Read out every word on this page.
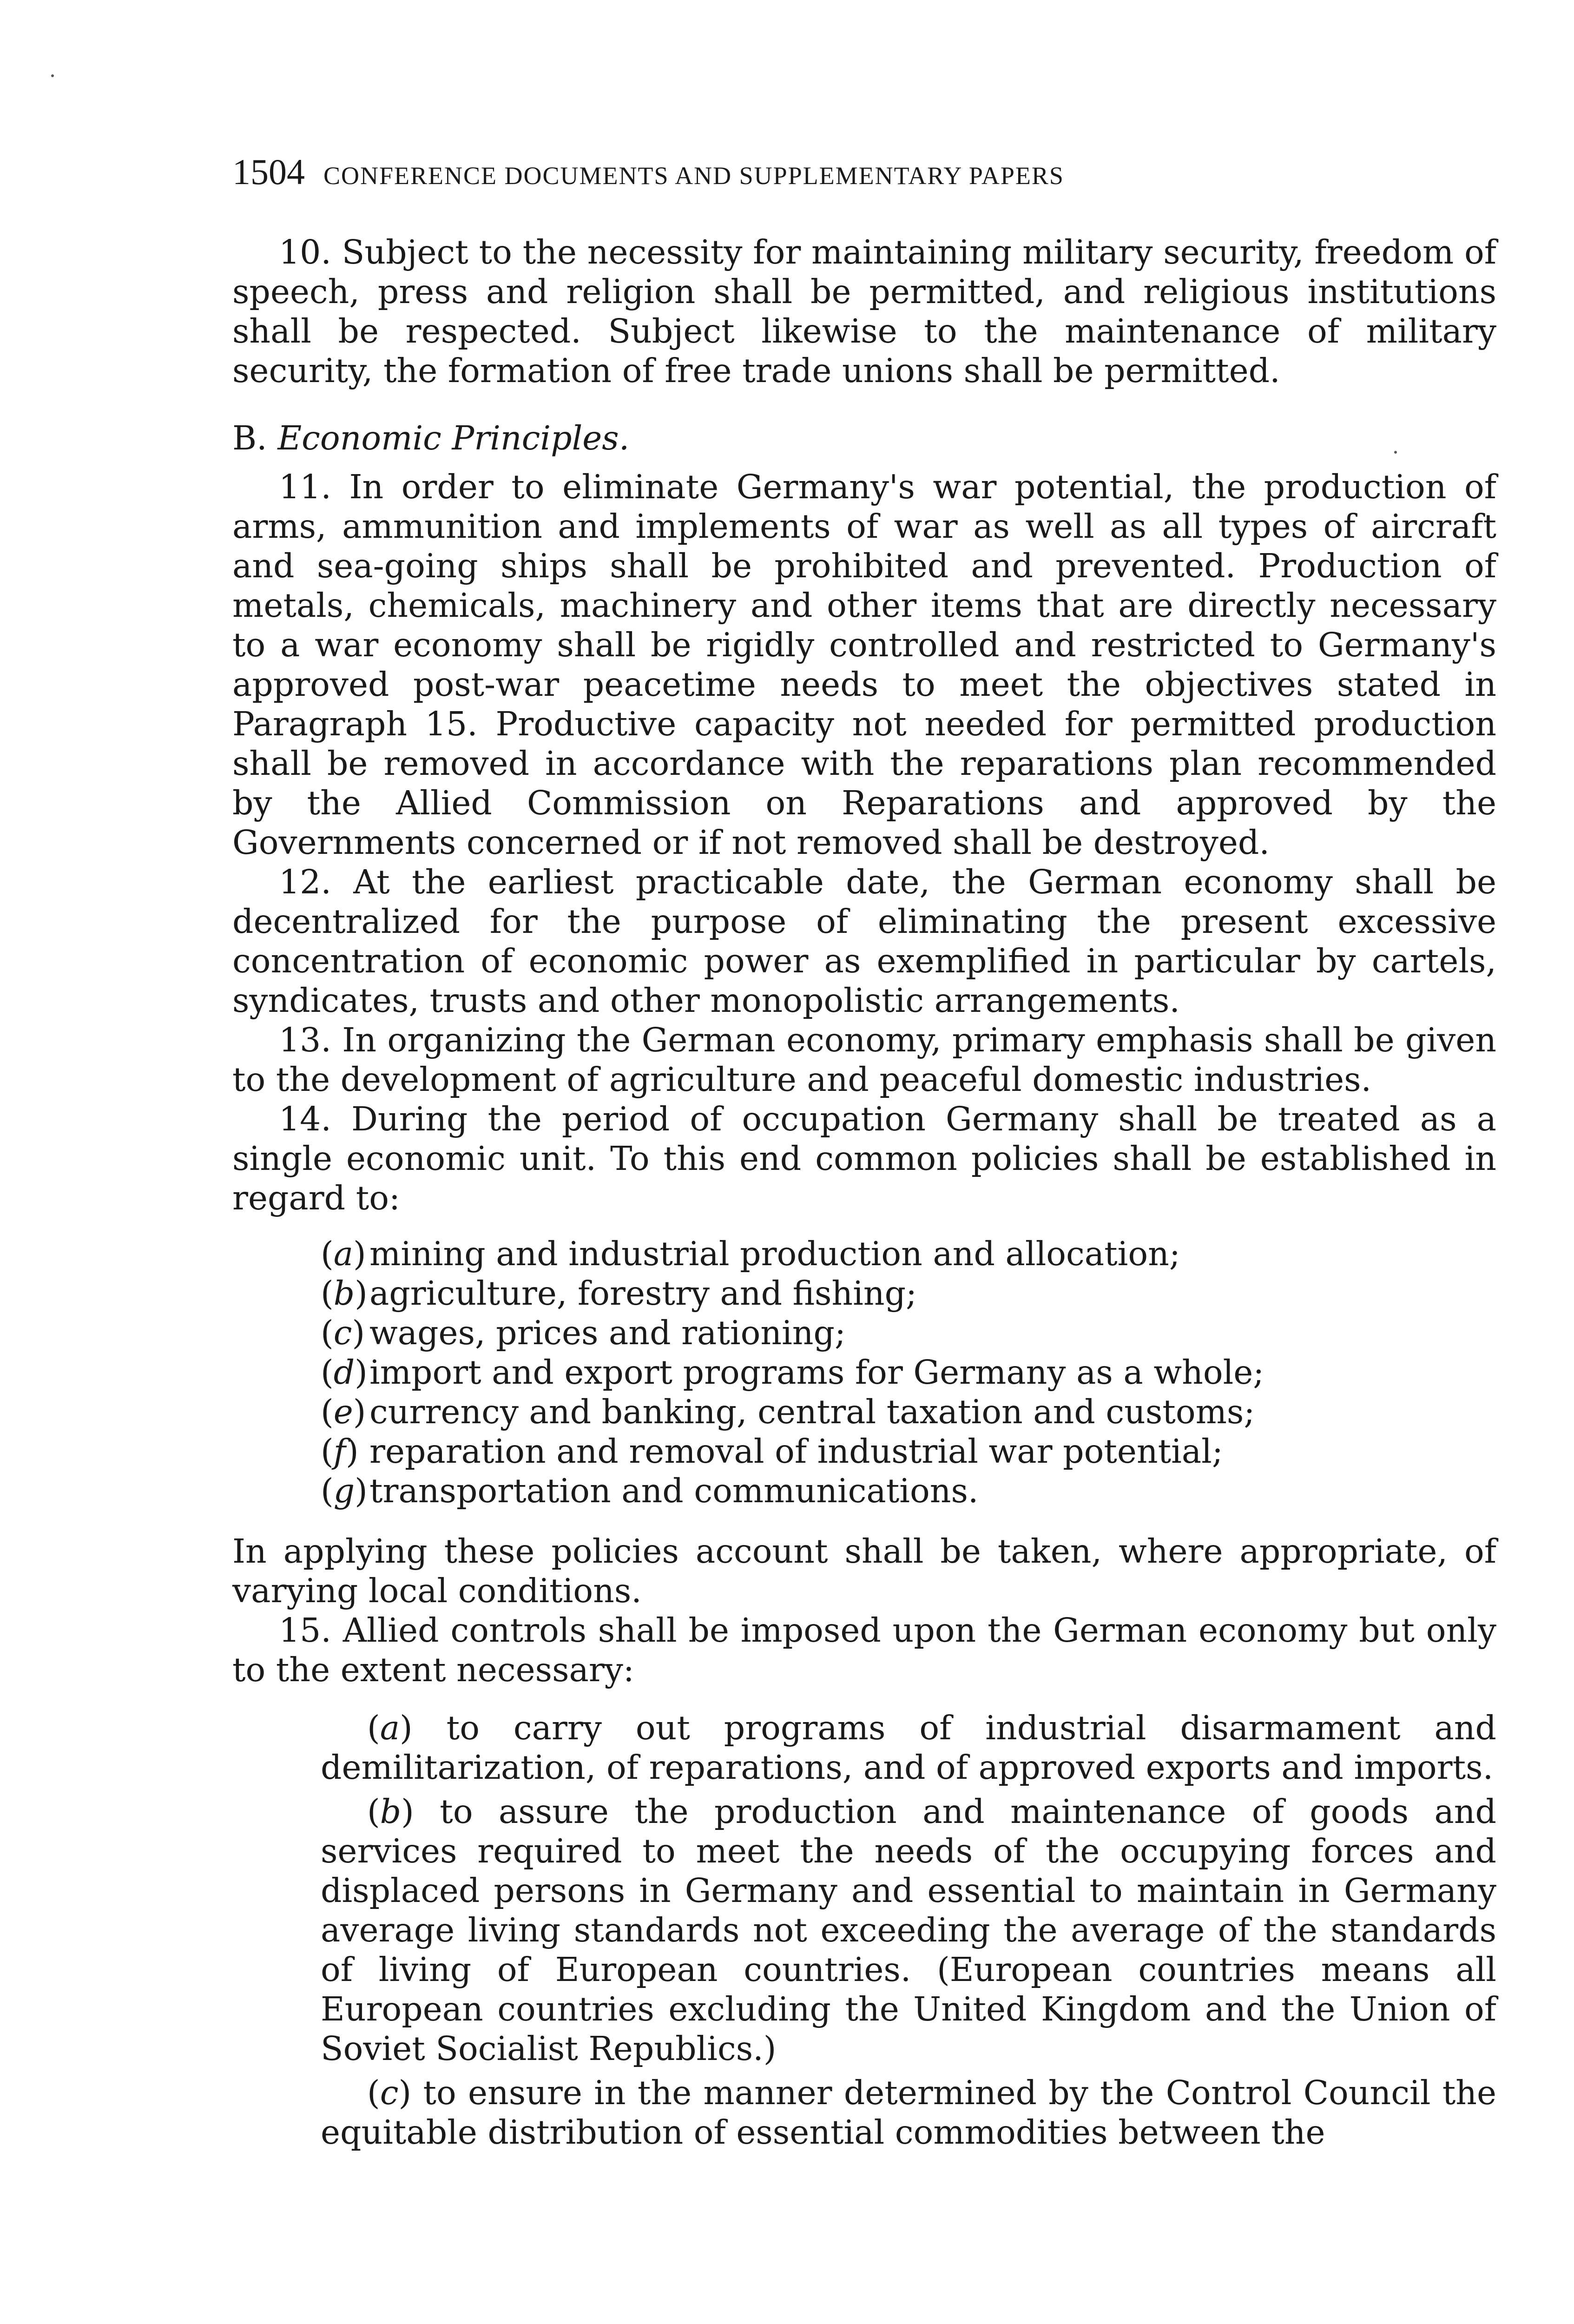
1504 CONFERENCE DOCUMENTS AND SUPPLEMENTARY PAPERS

10. Subject to the necessity for maintaining military security, freedom of speech, press and religion shall be permitted, and religious institutions shall be respected. Subject likewise to the maintenance of military security, the formation of free trade unions shall be permitted.

B. Economic Principles.

11. In order to eliminate Germany's war potential, the production of arms, ammunition and implements of war as well as all types of aircraft and sea-going ships shall be prohibited and prevented. Production of metals, chemicals, machinery and other items that are directly necessary to a war economy shall be rigidly controlled and restricted to Germany's approved post-war peacetime needs to meet the objectives stated in Paragraph 15. Productive capacity not needed for permitted production shall be removed in accordance with the reparations plan recommended by the Allied Commission on Reparations and approved by the Governments concerned or if not removed shall be destroyed.

12. At the earliest practicable date, the German economy shall be decentralized for the purpose of eliminating the present excessive concentration of economic power as exemplified in particular by cartels, syndicates, trusts and other monopolistic arrangements.

13. In organizing the German economy, primary emphasis shall be given to the development of agriculture and peaceful domestic industries.

14. During the period of occupation Germany shall be treated as a single economic unit. To this end common policies shall be established in regard to:

(a) mining and industrial production and allocation;
(b)agriculture, forestry and fishing;
(c) wages, prices and rationing;
(d)import and export programs for Germany as a whole;
(e) currency and banking, central taxation and customs;
(f) reparation and removal of industrial war potential;
(g)transportation and communications.

In applying these policies account shall be taken, where appropriate, of varying local conditions.

15. Allied controls shall be imposed upon the German economy but only to the extent necessary:

(a) to carry out programs of industrial disarmament and demilitarization, of reparations, and of approved exports and imports.

(b) to assure the production and maintenance of goods and services required to meet the needs of the occupying forces and displaced persons in Germany and essential to maintain in Germany average living standards not exceeding the average of the standards of living of European countries. (European countries means all European countries excluding the United Kingdom and the Union of Soviet Socialist Republics.)

(c) to ensure in the manner determined by the Control Council the equitable distribution of essential commodities between the
